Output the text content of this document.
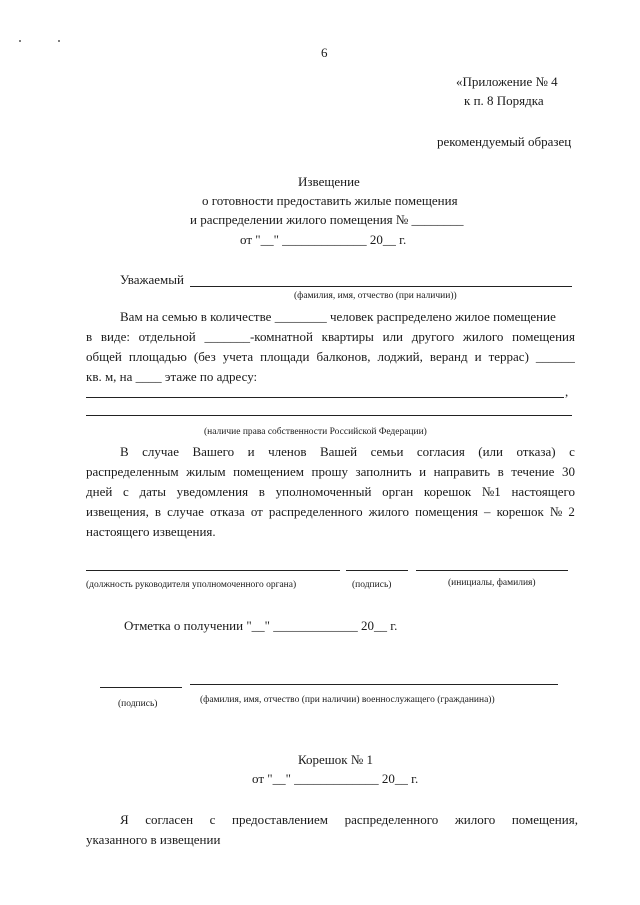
6
«Приложение № 4
к п. 8 Порядка
рекомендуемый образец
Извещение
о готовности предоставить жилые помещения
и распределении жилого помещения № ________
от "__" _____________ 20__ г.
Уважаемый
(фамилия, имя, отчество (при наличии))
Вам на семью в количестве ________ человек распределено жилое помещение
в виде: отдельной _______-комнатной квартиры или другого жилого помещения
общей площадью (без учета площади балконов, лоджий, веранд и террас) ______
кв. м, на ____ этаже по адресу:
,
(наличие права собственности Российской Федерации)
В случае Вашего и членов Вашей семьи согласия (или отказа) с
распределенным жилым помещением прошу заполнить и направить в течение 30
дней с даты уведомления в уполномоченный орган корешок №1 настоящего
извещения, в случае отказа от распределенного жилого помещения – корешок № 2
настоящего извещения.
(должность руководителя уполномоченного органа)	(подпись)	(инициалы, фамилия)
Отметка о получении "__" _____________ 20__ г.
(подпись)	(фамилия, имя, отчество (при наличии) военнослужащего (гражданина))
Корешок № 1
от "__" _____________ 20__ г.
Я согласен с предоставлением распределенного жилого помещения,
указанного в извещении
